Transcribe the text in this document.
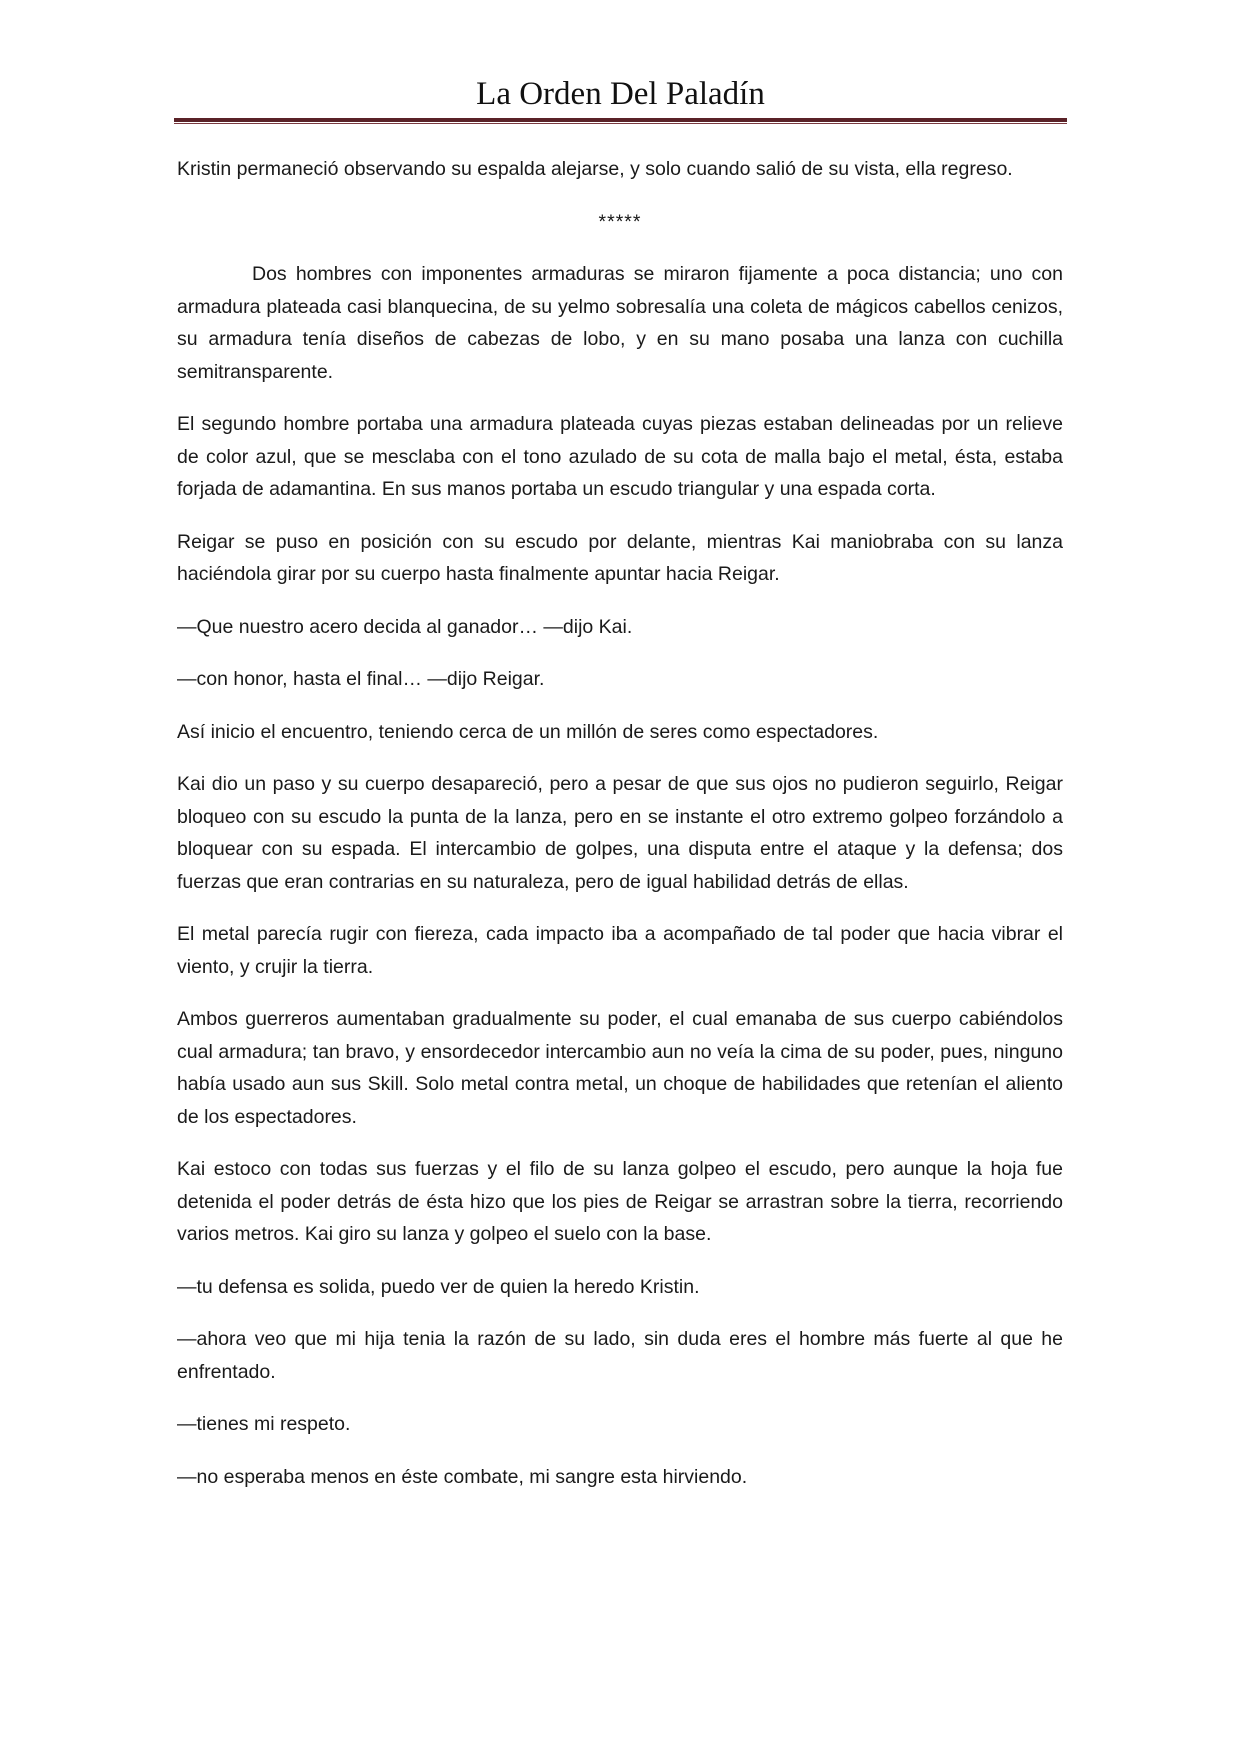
La Orden Del Paladín

Kristin permaneció observando su espalda alejarse, y solo cuando salió de su vista, ella regreso.

*****

Dos hombres con imponentes armaduras se miraron fijamente a poca distancia; uno con armadura plateada casi blanquecina, de su yelmo sobresalía una coleta de mágicos cabellos cenizos, su armadura tenía diseños de cabezas de lobo, y en su mano posaba una lanza con cuchilla semitransparente.

El segundo hombre portaba una armadura plateada cuyas piezas estaban delineadas por un relieve de color azul, que se mesclaba con el tono azulado de su cota de malla bajo el metal, ésta, estaba forjada de adamantina. En sus manos portaba un escudo triangular y una espada corta.

Reigar se puso en posición con su escudo por delante, mientras Kai maniobraba con su lanza haciéndola girar por su cuerpo hasta finalmente apuntar hacia Reigar.

—Que nuestro acero decida al ganador… —dijo Kai.

—con honor, hasta el final… —dijo Reigar.

Así inicio el encuentro, teniendo cerca de un millón de seres como espectadores.

Kai dio un paso y su cuerpo desapareció, pero a pesar de que sus ojos no pudieron seguirlo, Reigar bloqueo con su escudo la punta de la lanza, pero en se instante el otro extremo golpeo forzándolo a bloquear con su espada. El intercambio de golpes, una disputa entre el ataque y la defensa; dos fuerzas que eran contrarias en su naturaleza, pero de igual habilidad detrás de ellas.

El metal parecía rugir con fiereza, cada impacto iba a acompañado de tal poder que hacia vibrar el viento, y crujir la tierra.

Ambos guerreros aumentaban gradualmente su poder, el cual emanaba de sus cuerpo cabiéndolos cual armadura; tan bravo, y ensordecedor intercambio aun no veía la cima de su poder, pues, ninguno había usado aun sus Skill. Solo metal contra metal, un choque de habilidades que retenían el aliento de los espectadores.

Kai estoco con todas sus fuerzas y el filo de su lanza golpeo el escudo, pero aunque la hoja fue detenida el poder detrás de ésta hizo que los pies de Reigar se arrastran sobre la tierra, recorriendo varios metros. Kai giro su lanza y golpeo el suelo con la base.

—tu defensa es solida, puedo ver de quien la heredo Kristin.

—ahora veo que mi hija tenia la razón de su lado, sin duda eres el hombre más fuerte al que he enfrentado.

—tienes mi respeto.

—no esperaba menos en éste combate, mi sangre esta hirviendo.
